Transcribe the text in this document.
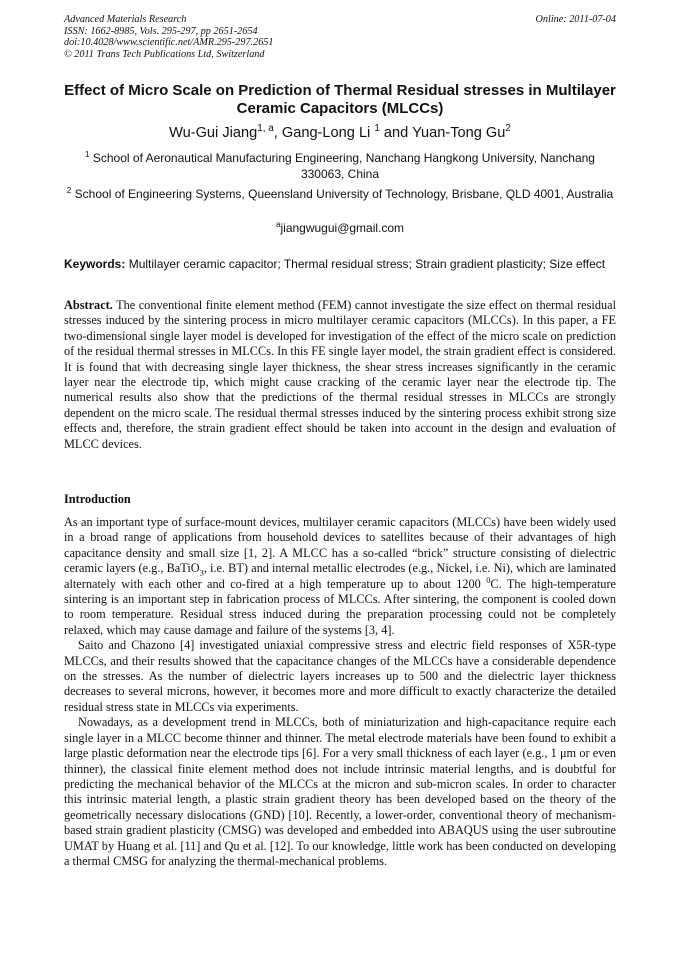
Advanced Materials Research
ISSN: 1662-8985, Vols. 295-297, pp 2651-2654
doi:10.4028/www.scientific.net/AMR.295-297.2651
© 2011 Trans Tech Publications Ltd, Switzerland
Online: 2011-07-04
Effect of Micro Scale on Prediction of Thermal Residual stresses in Multilayer Ceramic Capacitors (MLCCs)
Wu-Gui Jiang$^{1, a}$, Gang-Long Li $^1$ and Yuan-Tong Gu$^2$
$^1$ School of Aeronautical Manufacturing Engineering, Nanchang Hangkong University, Nanchang 330063, China
$^2$ School of Engineering Systems, Queensland University of Technology, Brisbane, QLD 4001, Australia
$^a$jiangwugui@gmail.com
Keywords: Multilayer ceramic capacitor; Thermal residual stress; Strain gradient plasticity; Size effect
Abstract. The conventional finite element method (FEM) cannot investigate the size effect on thermal residual stresses induced by the sintering process in micro multilayer ceramic capacitors (MLCCs). In this paper, a FE two-dimensional single layer model is developed for investigation of the effect of the micro scale on prediction of the residual thermal stresses in MLCCs. In this FE single layer model, the strain gradient effect is considered. It is found that with decreasing single layer thickness, the shear stress increases significantly in the ceramic layer near the electrode tip, which might cause cracking of the ceramic layer near the electrode tip. The numerical results also show that the predictions of the thermal residual stresses in MLCCs are strongly dependent on the micro scale. The residual thermal stresses induced by the sintering process exhibit strong size effects and, therefore, the strain gradient effect should be taken into account in the design and evaluation of MLCC devices.
Introduction

As an important type of surface-mount devices, multilayer ceramic capacitors (MLCCs) have been widely used in a broad range of applications from household devices to satellites because of their advantages of high capacitance density and small size [1, 2]. A MLCC has a so-called “brick” structure consisting of dielectric ceramic layers (e.g., BaTiO$_3$, i.e. BT) and internal metallic electrodes (e.g., Nickel, i.e. Ni), which are laminated alternately with each other and co-fired at a high temperature up to about 1200 $^0$C. The high-temperature sintering is an important step in fabrication process of MLCCs. After sintering, the component is cooled down to room temperature. Residual stress induced during the preparation processing could not be completely relaxed, which may cause damage and failure of the systems [3, 4].

Saito and Chazono [4] investigated uniaxial compressive stress and electric field responses of X5R-type MLCCs, and their results showed that the capacitance changes of the MLCCs have a considerable dependence on the stresses. As the number of dielectric layers increases up to 500 and the dielectric layer thickness decreases to several microns, however, it becomes more and more difficult to exactly characterize the detailed residual stress state in MLCCs via experiments.

Nowadays, as a development trend in MLCCs, both of miniaturization and high-capacitance require each single layer in a MLCC become thinner and thinner. The metal electrode materials have been found to exhibit a large plastic deformation near the electrode tips [6]. For a very small thickness of each layer (e.g., 1 μm or even thinner), the classical finite element method does not include intrinsic material lengths, and is doubtful for predicting the mechanical behavior of the MLCCs at the micron and sub-micron scales. In order to character this intrinsic material length, a plastic strain gradient theory has been developed based on the theory of the geometrically necessary dislocations (GND) [10]. Recently, a lower-order, conventional theory of mechanism-based strain gradient plasticity (CMSG) was developed and embedded into ABAQUS using the user subroutine UMAT by Huang et al. [11] and Qu et al. [12]. To our knowledge, little work has been conducted on developing a thermal CMSG for analyzing the thermal-mechanical problems.
